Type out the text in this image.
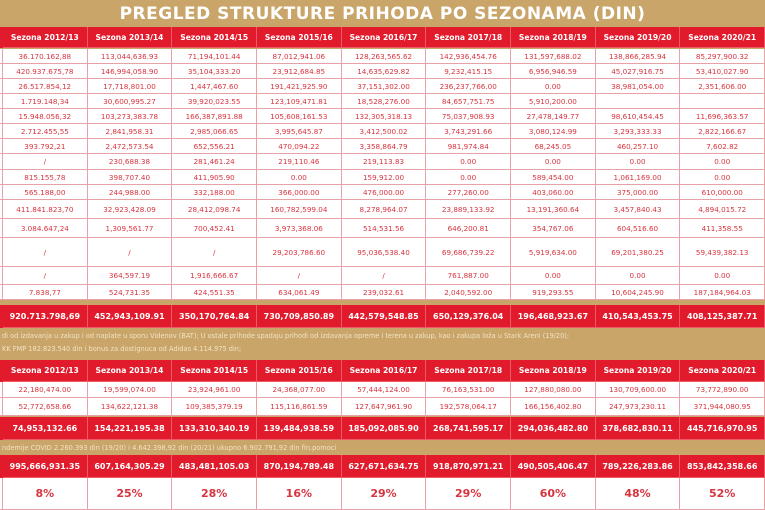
PREGLED STRUKTURE PRIHODA PO SEZONAMA (DIN)
Sezona 2012/13	Sezona 2013/14	Sezona 2014/15	Sezona 2015/16	Sezona 2016/17	Sezona 2017/18	Sezona 2018/19	Sezona 2019/20	Sezona 2020/21
36.170.162,88	113,044,636.93	71,194,101.44	87,012,941.06	128,263,565.62	142,936,454.76	131,597,688.02	138,866,285.94	85,297,900.32
420.937.675,78	146,994,058.90	35,104,333.20	23,912,684.85	14,635,629.82	9,232,415.15	6,956,946.59	45,027,916.75	53,410,027.90
26.517.854,12	17,718,801.00	1,447,467.60	191,421,925.90	37,151,302.00	236,237,766.00	0.00	38,981,054.00	2,351,606.00
1.719.148,34	30,600,995.27	39,920,023.55	123,109,471.81	18,528,276.00	84,657,751.75	5,910,200.00
15.948.056,32	103,273,383.78	166,387,891.88	105,608,161.53	132,305,318.13	75,037,908.93	27,478,149.77	98,610,454.45	11,696,363.57
2.712.455,55	2,841,958.31	2,985,066.65	3,995,645.87	3,412,500.02	3,743,291.66	3,080,124.99	3,293,333.33	2,822,166.67
393.792,21	2,472,573.54	652,556.21	470,094.22	3,358,864.79	981,974.84	68,245.05	460,257.10	7,602.82
/	230,688.38	281,461.24	219,110.46	219,113.83	0.00	0.00	0.00	0.00
815.155,78	398,707.40	411,905.90	0.00	159,912.00	0.00	589,454.00	1,061,169.00	0.00
565.188,00	244,988.00	332,188.00	366,000.00	476,000.00	277,260.00	403,060.00	375,000.00	610,000.00
411.841.823,70	32,923,428.09	28,412,098.74	160,782,599.04	8,278,964.07	23,889,133.92	13,191,360.64	3,457,840.43	4,894,015.72
3.084.647,24	1,309,561.77	700,452.41	3,973,368.06	514,531.56	646,200.81	354,767.06	604,516.60	411,358.55
/	/	/	29,203,786.60	95,036,538.40	69,686,739.22	5,919,634.00	69,201,380.25	59,439,382.13
/	364,597.19	1,916,666.67	/	/	761,887.00	0.00	0.00	0.00
7.838,77	524,731.35	424,551.35	634,061.49	239,032.61	2,040,592.00	919,293.55	10,604,245.90	187,184,964.03
920.713.798,69	452,943,109.91	350,170,764.84	730,709,850.89	442,579,548.85	650,129,376.04	196,468,923.67	410,543,453.75	408,125,387.71
Sezona 2012/13	Sezona 2013/14	Sezona 2014/15	Sezona 2015/16	Sezona 2016/17	Sezona 2017/18	Sezona 2018/19	Sezona 2019/20	Sezona 2020/21
22,180,474.00	19,599,074.00	23,924,961.00	24,368,077.00	57,444,124.00	76,163,531.00	127,880,080.00	130,709,600.00	73,772,890.00
52,772,658.66	134,622,121.38	109,385,379.19	115,116,861.59	127,647,961.90	192,578,064.17	166,156,402.80	247,973,230.11	371,944,080.95
74,953,132.66	154,221,195.38	133,310,340.19	139,484,938.59	185,092,085.90	268,741,595.17	294,036,482.80	378,682,830.11	445,716,970.95
995,666,931.35	607,164,305.29	483,481,105.03	870,194,789.48	627,671,634.75	918,870,971.21	490,505,406.47	789,226,283.86	853,842,358.66
8%	25%	28%	16%	29%	29%	60%	48%	52%
di od izdavanja u zakup i od naplate u sporu Videnov (BAT); U ostale prihode spadaju prihodi od izdavanja opreme i terena u zakup, kao i zakupa loža u Stark Areni (19/20);
KK FMP 182.823.540 din i bonus za dostignuca od Adidas 4.114.975 din;
ndemije COVID 2.260.393 din (19/20) i 4.642.398,92 din (20/21) ukupno 6.902.791,92 din fin.pomoci
